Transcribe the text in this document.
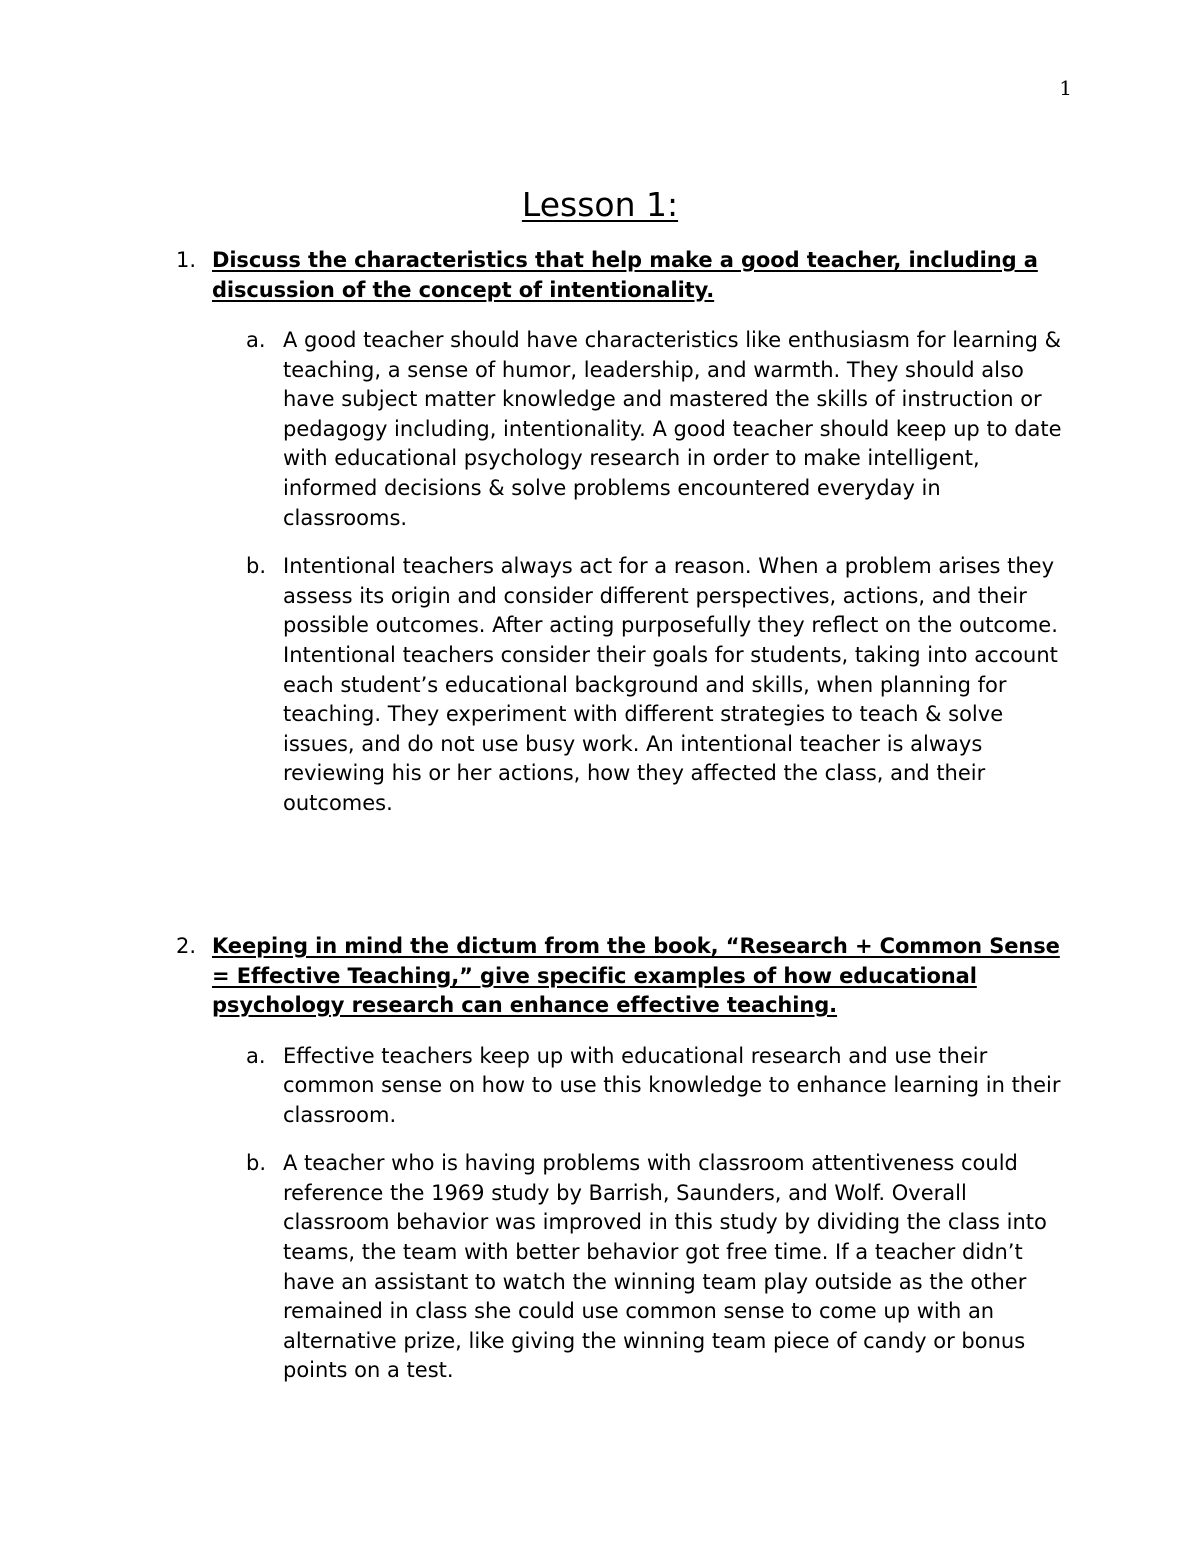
1
Lesson 1:
1. Discuss the characteristics that help make a good teacher, including a discussion of the concept of intentionality.

a. A good teacher should have characteristics like enthusiasm for learning & teaching, a sense of humor, leadership, and warmth. They should also have subject matter knowledge and mastered the skills of instruction or pedagogy including, intentionality. A good teacher should keep up to date with educational psychology research in order to make intelligent, informed decisions & solve problems encountered everyday in classrooms.
b. Intentional teachers always act for a reason. When a problem arises they assess its origin and consider different perspectives, actions, and their possible outcomes. After acting purposefully they reflect on the outcome. Intentional teachers consider their goals for students, taking into account each student’s educational background and skills, when planning for teaching. They experiment with different strategies to teach & solve issues, and do not use busy work. An intentional teacher is always reviewing his or her actions, how they affected the class, and their outcomes.
2. Keeping in mind the dictum from the book, “Research + Common Sense = Effective Teaching,” give specific examples of how educational psychology research can enhance effective teaching.

a. Effective teachers keep up with educational research and use their common sense on how to use this knowledge to enhance learning in their classroom.
b. A teacher who is having problems with classroom attentiveness could reference the 1969 study by Barrish, Saunders, and Wolf. Overall classroom behavior was improved in this study by dividing the class into teams, the team with better behavior got free time. If a teacher didn’t have an assistant to watch the winning team play outside as the other remained in class she could use common sense to come up with an alternative prize, like giving the winning team piece of candy or bonus points on a test.
